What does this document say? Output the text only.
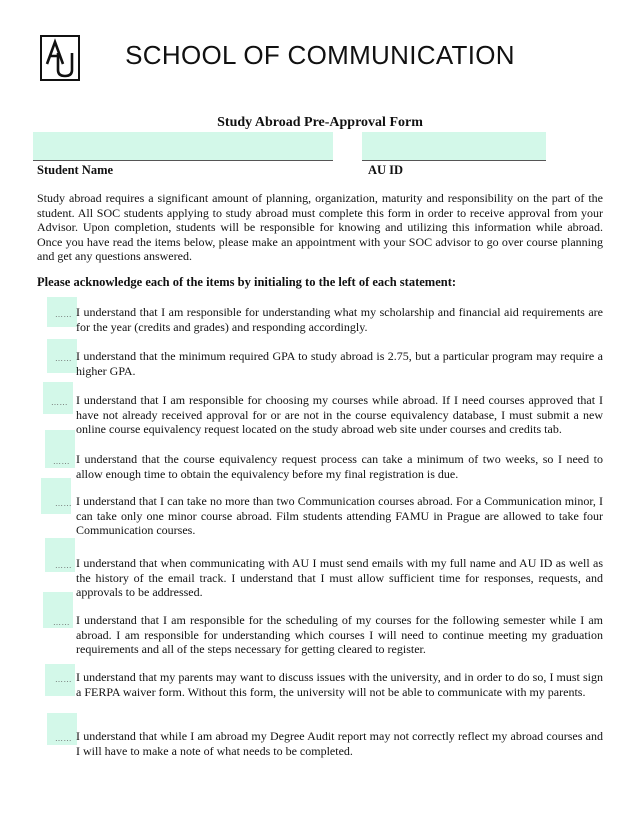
SCHOOL OF COMMUNICATION
Study Abroad Pre-Approval Form
Student Name	AU ID

Study abroad requires a significant amount of planning, organization, maturity and responsibility on the part of the student. All SOC students applying to study abroad must complete this form in order to receive approval from your Advisor. Upon completion, students will be responsible for knowing and utilizing this information while abroad. Once you have read the items below, please make an appointment with your SOC advisor to go over course planning and get any questions answered.

Please acknowledge each of the items by initialing to the left of each statement:
…… I understand that I am responsible for understanding what my scholarship and financial aid requirements are for the year (credits and grades) and responding accordingly.

…… I understand that the minimum required GPA to study abroad is 2.75, but a particular program may require a higher GPA.

…… I understand that I am responsible for choosing my courses while abroad. If I need courses approved that I have not already received approval for or are not in the course equivalency database, I must submit a new online course equivalency request located on the study abroad web site under courses and credits tab.

…… I understand that the course equivalency request process can take a minimum of two weeks, so I need to allow enough time to obtain the equivalency before my final registration is due.

…… I understand that I can take no more than two Communication courses abroad. For a Communication minor, I can take only one minor course abroad. Film students attending FAMU in Prague are allowed to take four Communication courses.

…… I understand that when communicating with AU I must send emails with my full name and AU ID as well as the history of the email track. I understand that I must allow sufficient time for responses, requests, and approvals to be addressed.

…… I understand that I am responsible for the scheduling of my courses for the following semester while I am abroad. I am responsible for understanding which courses I will need to continue meeting my graduation requirements and all of the steps necessary for getting cleared to register.

…… I understand that my parents may want to discuss issues with the university, and in order to do so, I must sign a FERPA waiver form. Without this form, the university will not be able to communicate with my parents.

…… I understand that while I am abroad my Degree Audit report may not correctly reflect my abroad courses and I will have to make a note of what needs to be completed.
